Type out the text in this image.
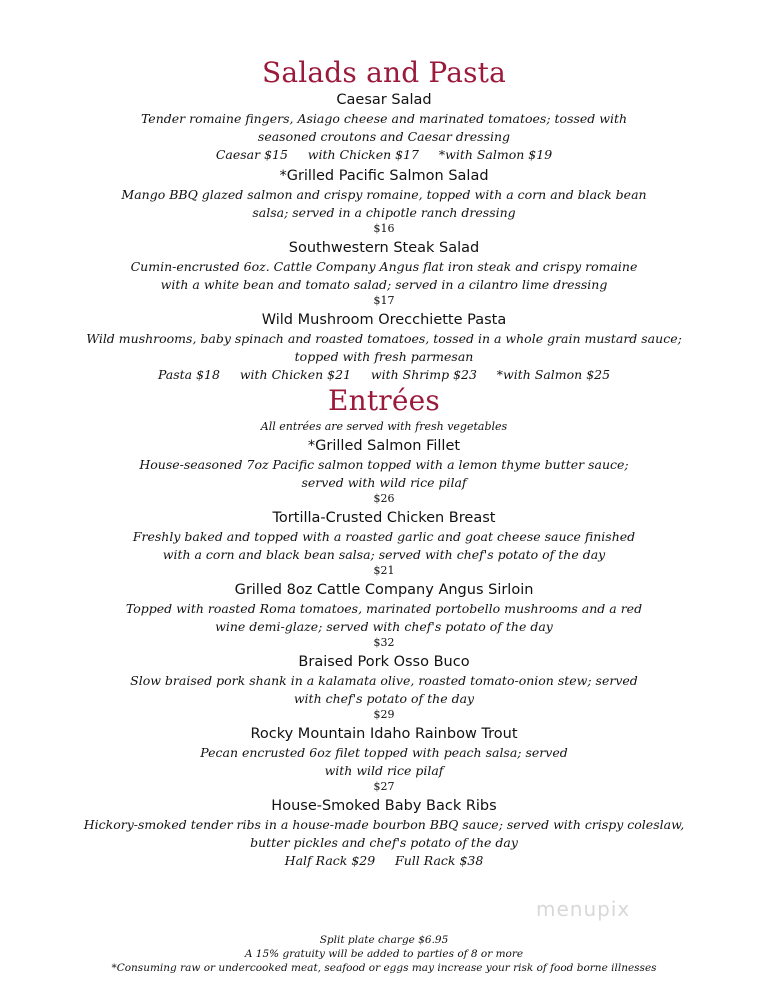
Salads and Pasta
Caesar Salad
Tender romaine fingers, Asiago cheese and marinated tomatoes; tossed with
seasoned croutons and Caesar dressing
Caesar $15     with Chicken $17     *with Salmon $19
*Grilled Pacific Salmon Salad
Mango BBQ glazed salmon and crispy romaine, topped with a corn and black bean
salsa; served in a chipotle ranch dressing
$16
Southwestern Steak Salad
Cumin-encrusted 6oz. Cattle Company Angus flat iron steak and crispy romaine
with a white bean and tomato salad; served in a cilantro lime dressing
$17
Wild Mushroom Orecchiette Pasta
Wild mushrooms, baby spinach and roasted tomatoes, tossed in a whole grain mustard sauce;
topped with fresh parmesan
Pasta $18     with Chicken $21     with Shrimp $23     *with Salmon $25
Entrées
All entrées are served with fresh vegetables
*Grilled Salmon Fillet
House-seasoned 7oz Pacific salmon topped with a lemon thyme butter sauce;
served with wild rice pilaf
$26
Tortilla-Crusted Chicken Breast
Freshly baked and topped with a roasted garlic and goat cheese sauce finished
with a corn and black bean salsa; served with chef's potato of the day
$21
Grilled 8oz Cattle Company Angus Sirloin
Topped with roasted Roma tomatoes, marinated portobello mushrooms and a red
wine demi-glaze; served with chef's potato of the day
$32
Braised Pork Osso Buco
Slow braised pork shank in a kalamata olive, roasted tomato-onion stew; served
with chef's potato of the day
$29
Rocky Mountain Idaho Rainbow Trout
Pecan encrusted 6oz filet topped with peach salsa; served
with wild rice pilaf
$27
House-Smoked Baby Back Ribs
Hickory-smoked tender ribs in a house-made bourbon BBQ sauce; served with crispy coleslaw,
butter pickles and chef's potato of the day
Half Rack $29     Full Rack $38
menupix
Split plate charge $6.95
A 15% gratuity will be added to parties of 8 or more
*Consuming raw or undercooked meat, seafood or eggs may increase your risk of food borne illnesses
